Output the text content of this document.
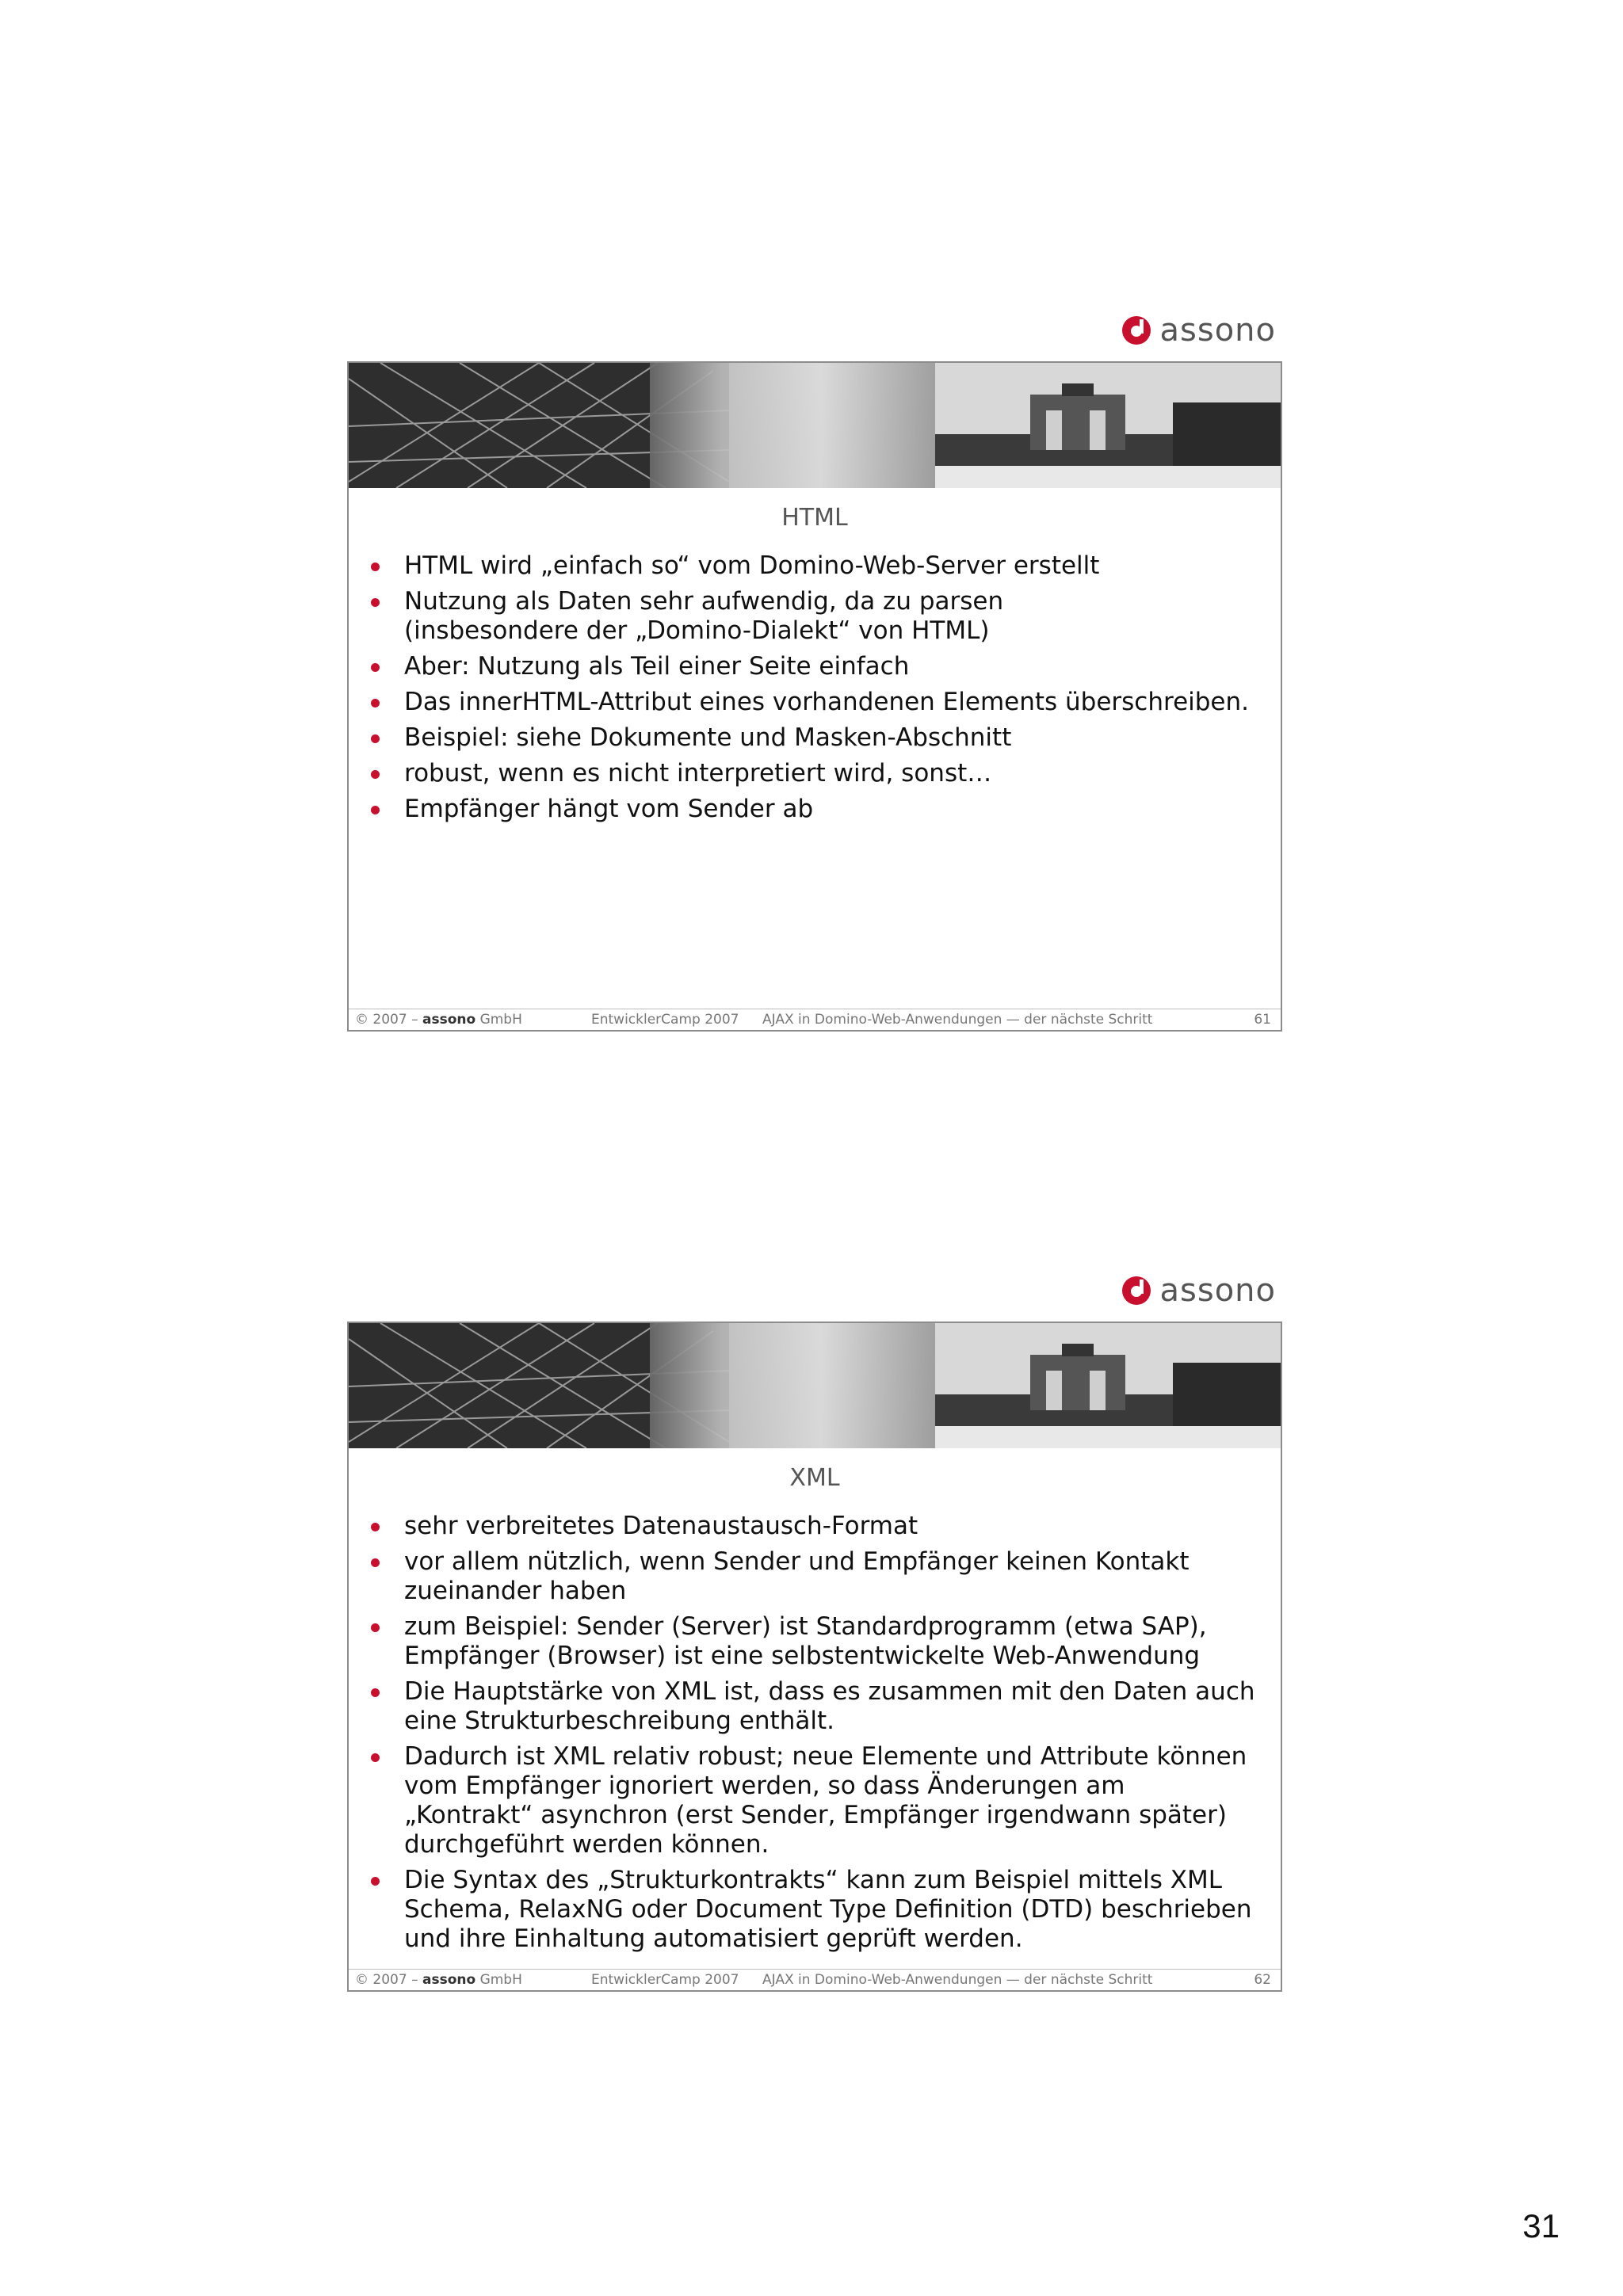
assono
HTML
HTML wird „einfach so“ vom Domino-Web-Server erstellt
Nutzung als Daten sehr aufwendig, da zu parsen
(insbesondere der „Domino-Dialekt“ von HTML)
Aber: Nutzung als Teil einer Seite einfach
Das innerHTML-Attribut eines vorhandenen Elements überschreiben.
Beispiel: siehe Dokumente und Masken-Abschnitt
robust, wenn es nicht interpretiert wird, sonst…
Empfänger hängt vom Sender ab
© 2007 – assono GmbH	EntwicklerCamp 2007 AJAX in Domino-Web-Anwendungen — der nächste Schritt	61
assono
XML
sehr verbreitetes Datenaustausch-Format
vor allem nützlich, wenn Sender und Empfänger keinen Kontakt
zueinander haben
zum Beispiel: Sender (Server) ist Standardprogramm (etwa SAP),
Empfänger (Browser) ist eine selbstentwickelte Web-Anwendung
Die Hauptstärke von XML ist, dass es zusammen mit den Daten auch
eine Strukturbeschreibung enthält.
Dadurch ist XML relativ robust; neue Elemente und Attribute können
vom Empfänger ignoriert werden, so dass Änderungen am
„Kontrakt“ asynchron (erst Sender, Empfänger irgendwann später)
durchgeführt werden können.
Die Syntax des „Strukturkontrakts“ kann zum Beispiel mittels XML
Schema, RelaxNG oder Document Type Definition (DTD) beschrieben
und ihre Einhaltung automatisiert geprüft werden.
© 2007 – assono GmbH	EntwicklerCamp 2007 AJAX in Domino-Web-Anwendungen — der nächste Schritt	62
31
